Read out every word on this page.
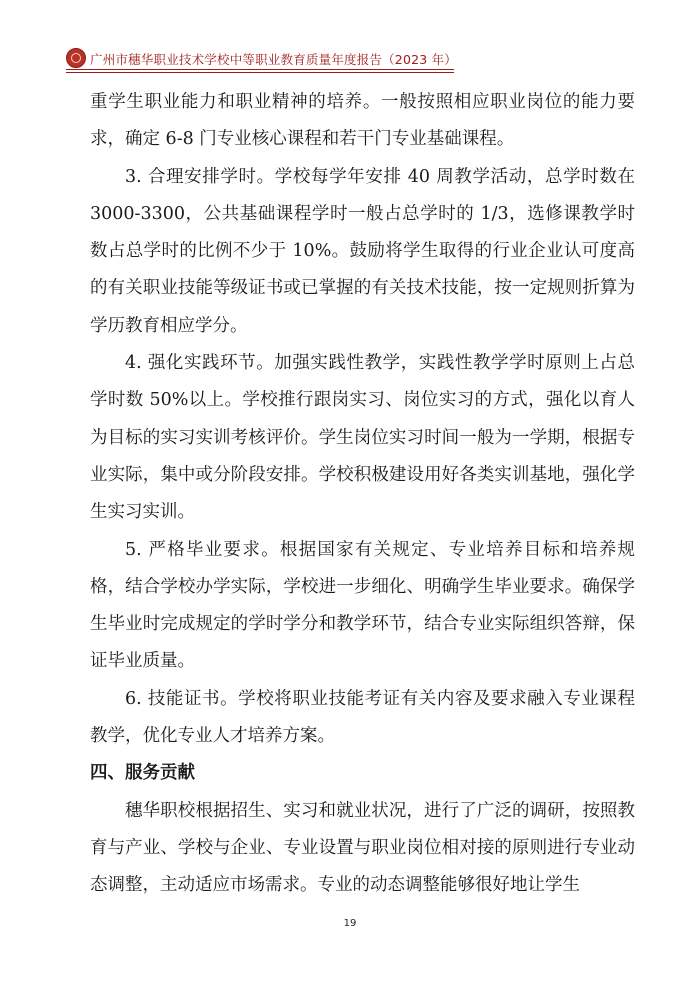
广州市穗华职业技术学校中等职业教育质量年度报告（2023 年）

重学生职业能力和职业精神的培养。一般按照相应职业岗位的能力要求，确定 6-8 门专业核心课程和若干门专业基础课程。

3. 合理安排学时。学校每学年安排 40 周教学活动，总学时数在 3000-3300，公共基础课程学时一般占总学时的 1/3，选修课教学时数占总学时的比例不少于 10%。鼓励将学生取得的行业企业认可度高的有关职业技能等级证书或已掌握的有关技术技能，按一定规则折算为学历教育相应学分。

4. 强化实践环节。加强实践性教学，实践性教学学时原则上占总学时数 50%以上。学校推行跟岗实习、岗位实习的方式，强化以育人为目标的实习实训考核评价。学生岗位实习时间一般为一学期，根据专业实际，集中或分阶段安排。学校积极建设用好各类实训基地，强化学生实习实训。

5. 严格毕业要求。根据国家有关规定、专业培养目标和培养规格，结合学校办学实际，学校进一步细化、明确学生毕业要求。确保学生毕业时完成规定的学时学分和教学环节，结合专业实际组织答辩，保证毕业质量。

6. 技能证书。学校将职业技能考证有关内容及要求融入专业课程教学，优化专业人才培养方案。

四、服务贡献

穗华职校根据招生、实习和就业状况，进行了广泛的调研，按照教育与产业、学校与企业、专业设置与职业岗位相对接的原则进行专业动态调整，主动适应市场需求。专业的动态调整能够很好地让学生

19
